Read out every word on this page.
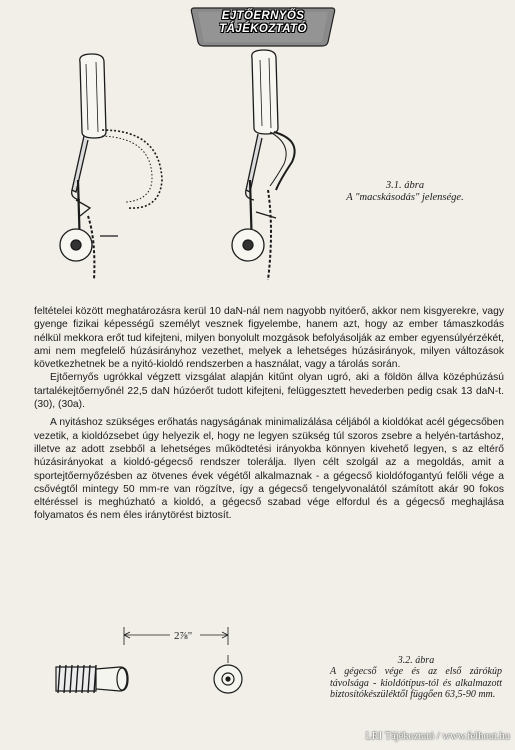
EJTŐERNYŐS
TÁJÉKOZTATÓ
3.1. ábra
A "macskásodás" jelensége.

feltételei között meghatározásra kerül 10 daN-nál nem nagyobb nyitóerő, akkor nem kisgyerekre, vagy gyenge fizikai képességű személyt vesznek figyelembe, hanem azt, hogy az ember támaszkodás nélkül mekkora erőt tud kifejteni, milyen bonyolult mozgások befolyásolják az ember egyensúlyérzékét, ami nem megfelelő húzásirányhoz vezethet, melyek a lehetséges húzásirányok, milyen változások következhetnek be a nyitó-kioldó rendszerben a használat, vagy a tárolás során.

Ejtőernyős ugrókkal végzett vizsgálat alapján kitűnt olyan ugró, aki a földön állva középhúzású tartalékejtőernyőnél 22,5 daN húzóerőt tudott kifejteni, felüggesztett hevederben pedig csak 13 daN-t. (30), (30a).

A nyitáshoz szükséges erőhatás nagyságának minimalizálása céljából a kioldókat acél gégecsőben vezetik, a kioldózsebet úgy helyezik el, hogy ne legyen szükség túl szoros zsebre a helyén-tartáshoz, illetve az adott zsebből a lehetséges működtetési irányokba könnyen kivehető legyen, s az eltérő húzásirányokat a kioldó-gégecső rendszer tolerálja. Ilyen célt szolgál az a megoldás, amit a sportejtőernyőzésben az ötvenes évek végétől alkalmaznak - a gégecső kioldófogantyú felőli vége a csővégtől mintegy 50 mm-re van rögzítve, így a gégecső tengelyvonalától számított akár 90 fokos eltéréssel is meghúzható a kioldó, a gégecső szabad vége elfordul és a gégecső meghajlása folyamatos és nem éles iránytörést biztosít.

2⅞"
3.2. ábra
A gégecső vége és az első zárókúp távolsága - kioldótípus-tól és alkalmazott biztosítókészüléktől függően 63,5-90 mm.
LRI Tájékoztató / www.felhout.hu
